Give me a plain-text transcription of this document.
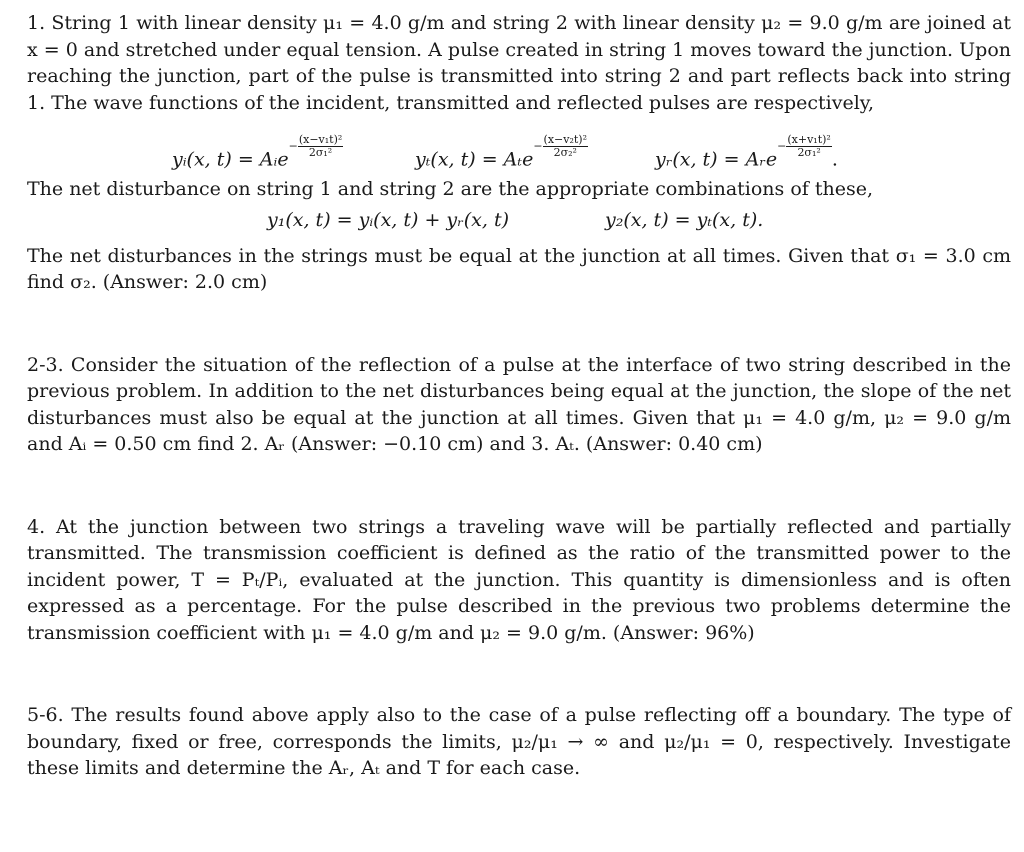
1. String 1 with linear density μ₁ = 4.0 g/m and string 2 with linear density μ₂ = 9.0 g/m are joined at x = 0 and stretched under equal tension. A pulse created in string 1 moves toward the junction. Upon reaching the junction, part of the pulse is transmitted into string 2 and part reflects back into string 1. The wave functions of the incident, transmitted and reflected pulses are respectively,

yᵢ(x, t) = Aᵢe− $\frac{\text{(x−v₁t)²}}{\text{2σ₁²}}$
yₜ(x, $t) = A_te- \frac{\text{(x−v₂t)²}}{\text{2σ₂²}}$
yᵣ(x, t) = Aᵣe− $\frac{\text{(x+v₁t)²}}{\text{2σ₁²}}$
.

The net disturbance on string 1 and string 2 are the appropriate combinations of these,

y₁(x, t) = yᵢ(x, t) + yᵣ(x, t)	y₂(x, t) = yₜ(x, t).

The net disturbances in the strings must be equal at the junction at all times. Given that σ₁ = 3.0 cm find σ₂. (Answer: 2.0 cm)

2-3. Consider the situation of the reflection of a pulse at the interface of two string described in the previous problem. In addition to the net disturbances being equal at the junction, the slope of the net disturbances must also be equal at the junction at all times. Given that μ₁ = 4.0 g/m, μ₂ = 9.0 g/m and Aᵢ = 0.50 cm find 2. Aᵣ (Answer: −0.10 cm) and 3. Aₜ. (Answer: 0.40 cm)

4. At the junction between two strings a traveling wave will be partially reflected and partially transmitted. The transmission coefficient is defined as the ratio of the transmitted power to the incident power, T = Pₜ/Pᵢ, evaluated at the junction. This quantity is dimensionless and is often expressed as a percentage. For the pulse described in the previous two problems determine the transmission coefficient with μ₁ = 4.0 g/m and μ₂ = 9.0 g/m. (Answer: 96%)

5-6. The results found above apply also to the case of a pulse reflecting off a boundary. The type of boundary, fixed or free, corresponds the limits, μ₂/μ₁ → ∞ and μ₂/μ₁ = 0, respectively. Investigate these limits and determine the Aᵣ, Aₜ and T for each case.
